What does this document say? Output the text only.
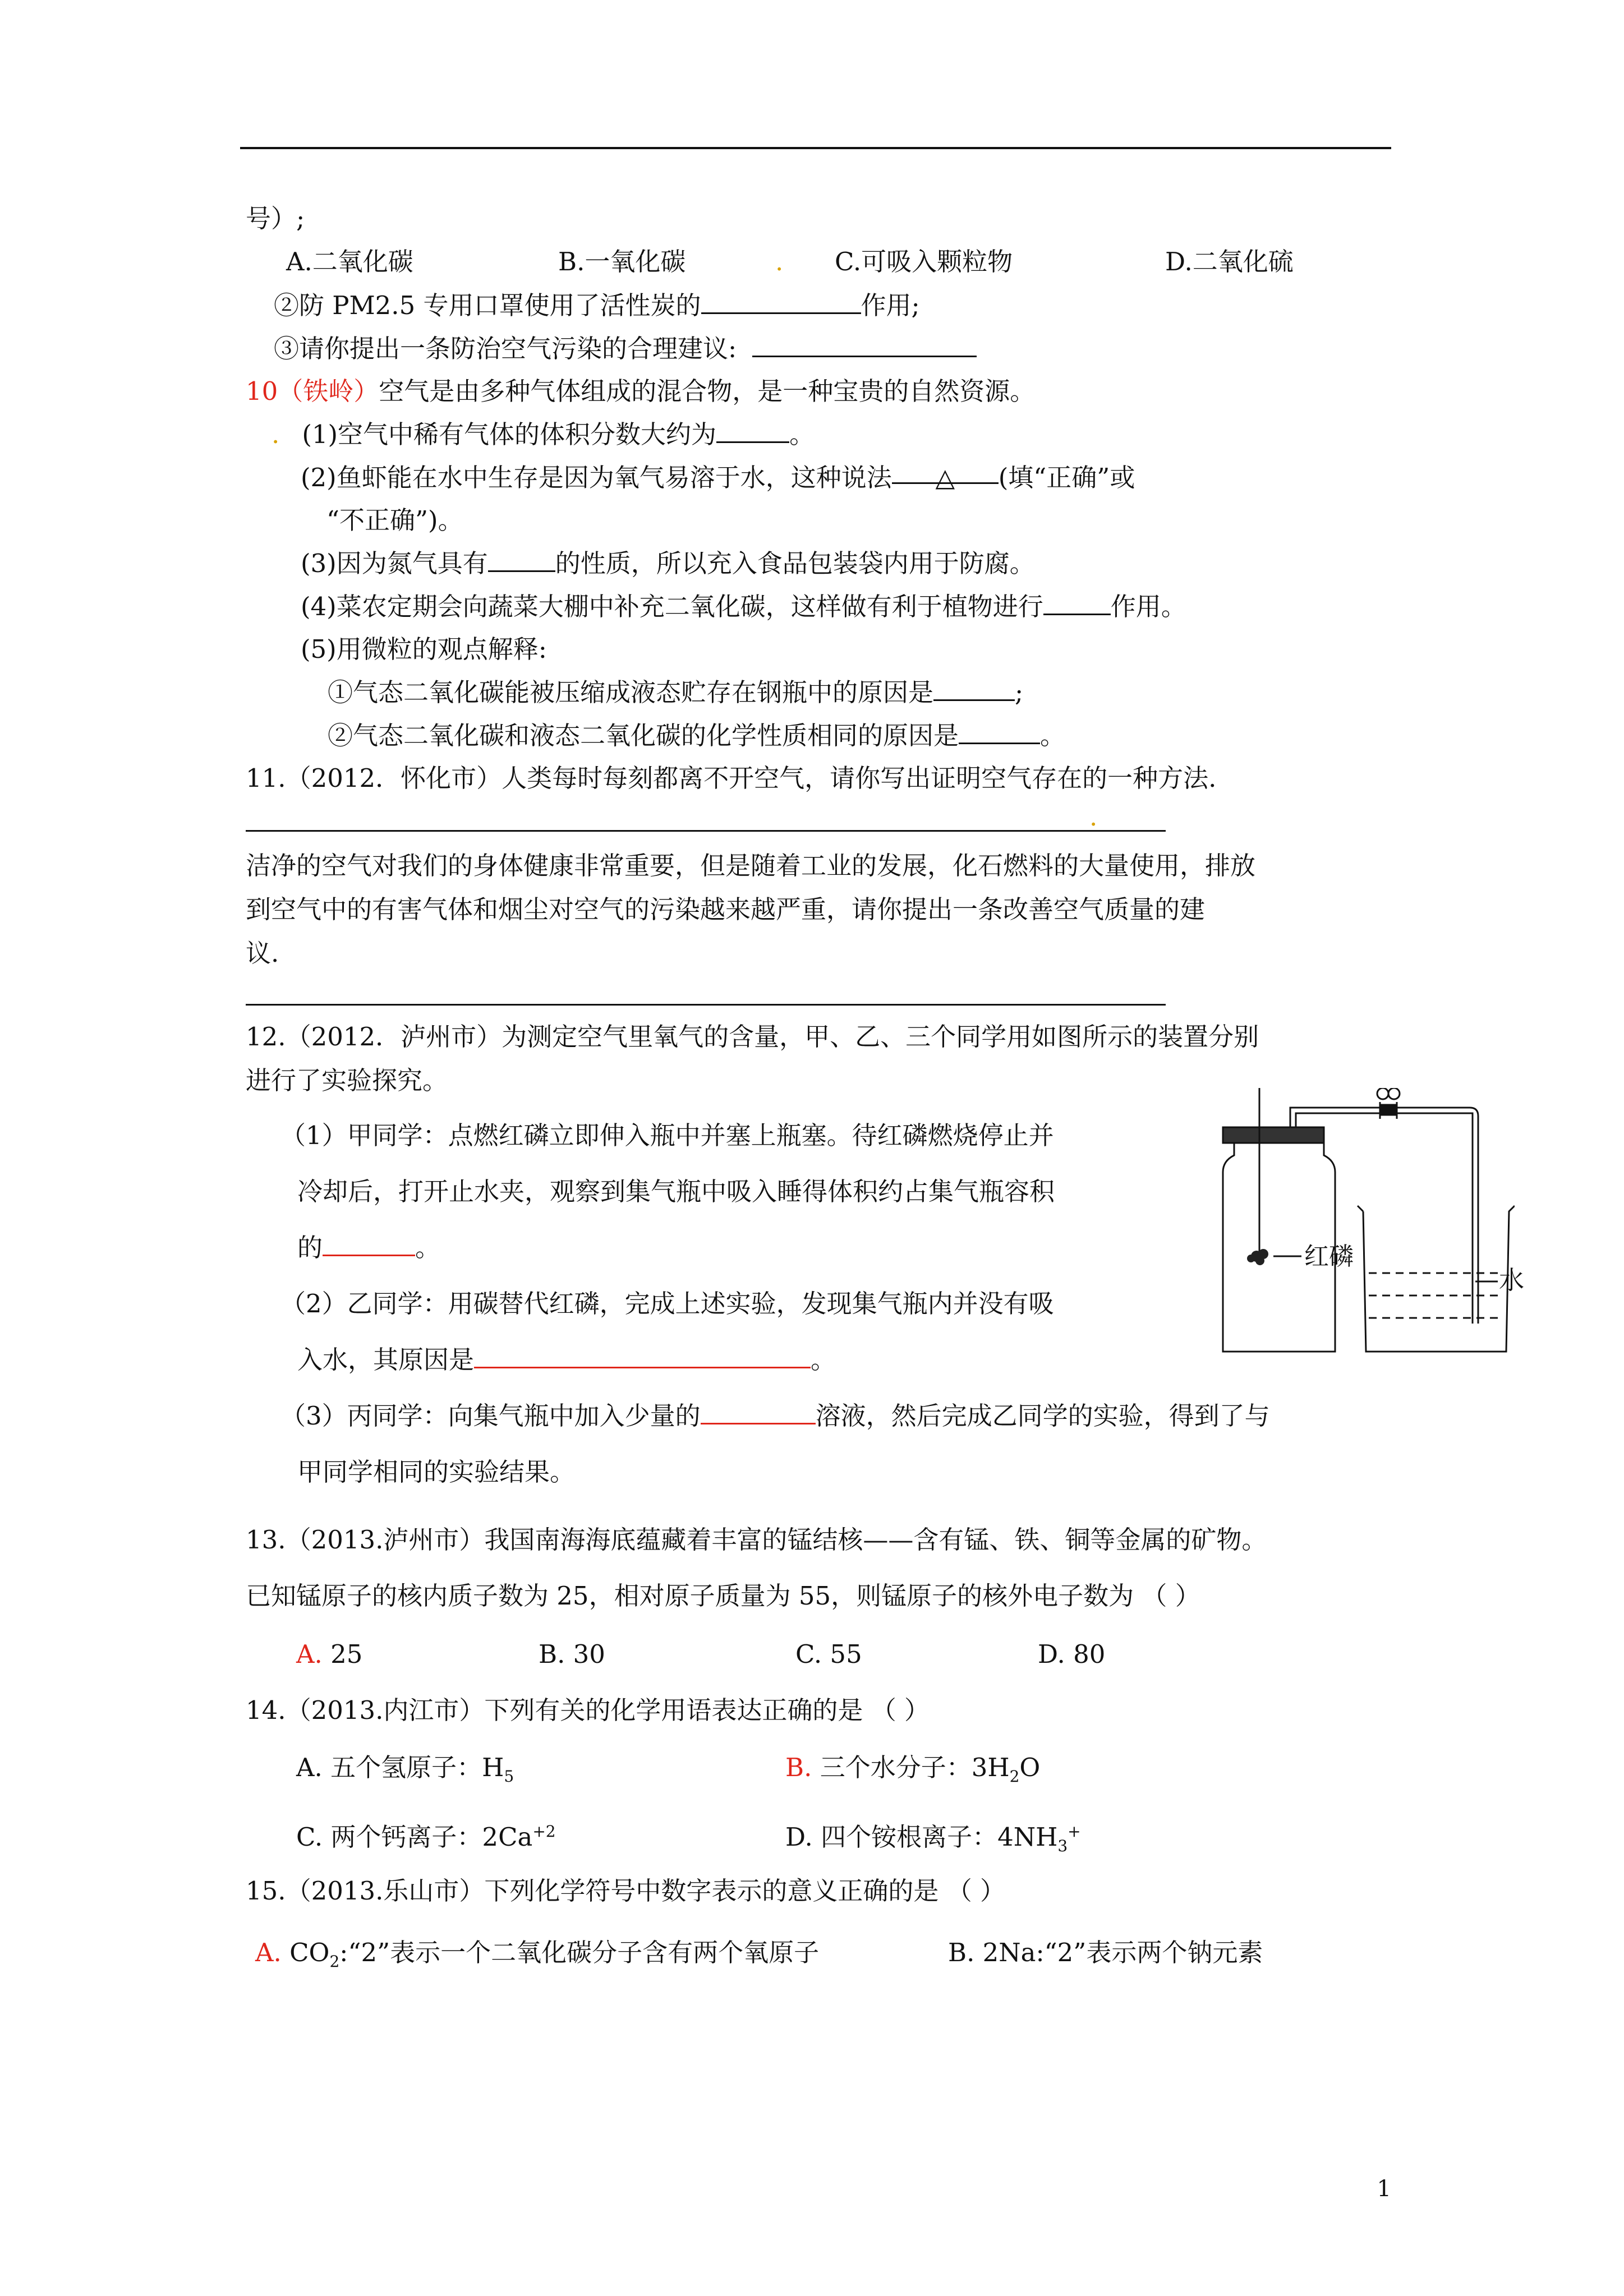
号）;
A.二氧化碳	B.一氧化碳	. C.可吸入颗粒物	D.二氧化硫
②防 PM2.5 专用口罩使用了活性炭的	作用;
③请你提出一条防治空气污染的合理建议:
10（铁岭）空气是由多种气体组成的混合物，是一种宝贵的自然资源。
. (1)空气中稀有气体的体积分数大约为	。
(2)鱼虾能在水中生存是因为氧气易溶于水，这种说法 △ (填“正确”或
“不正确”)。
(3)因为氮气具有	的性质，所以充入食品包装袋内用于防腐。
(4)菜农定期会向蔬菜大棚中补充二氧化碳，这样做有利于植物进行	作用。
(5)用微粒的观点解释:
①气态二氧化碳能被压缩成液态贮存在钢瓶中的原因是	;
②气态二氧化碳和液态二氧化碳的化学性质相同的原因是	。
11.（2012．怀化市）人类每时每刻都离不开空气，请你写出证明空气存在的一种方法.
.
洁净的空气对我们的身体健康非常重要，但是随着工业的发展，化石燃料的大量使用，排放
到空气中的有害气体和烟尘对空气的污染越来越严重，请你提出一条改善空气质量的建
议.
12.（2012．泸州市）为测定空气里氧气的含量，甲、乙、三个同学用如图所示的装置分别
进行了实验探究。
（1）甲同学：点燃红磷立即伸入瓶中并塞上瓶塞。待红磷燃烧停止并
冷却后，打开止水夹，观察到集气瓶中吸入睡得体积约占集气瓶容积
的	。
（2）乙同学：用碳替代红磷，完成上述实验，发现集气瓶内并没有吸
入水，其原因是	。
（3）丙同学：向集气瓶中加入少量的	溶液，然后完成乙同学的实验，得到了与
甲同学相同的实验结果。
红磷
水
13.（2013.泸州市）我国南海海底蕴藏着丰富的锰结核——含有锰、铁、铜等金属的矿物。
已知锰原子的核内质子数为 25，相对原子质量为 55，则锰原子的核外电子数为 （ ）
A. 25	B. 30	C. 55	D. 80
14.（2013.内江市）下列有关的化学用语表达正确的是 （ ）
A. 五个氢原子：$H_5$	B. 三个水分子：$3H_2O$
C. 两个钙离子：$2Ca^{+2}$	D. 四个铵根离子：$4NH_3^+$
15.（2013.乐山市）下列化学符号中数字表示的意义正确的是 （ ）
A. $CO_2:“2$”表示一个二氧化碳分子含有两个氧原子	B. 2Na:“2”表示两个钠元素
1
